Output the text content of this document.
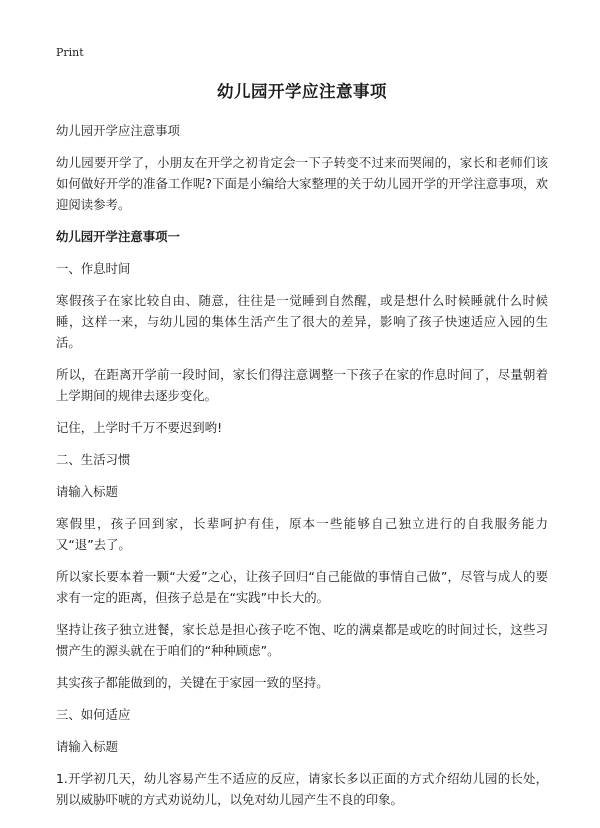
Print
幼儿园开学应注意事项
幼儿园开学应注意事项
幼儿园要开学了，小朋友在开学之初肯定会一下子转变不过来而哭闹的，家长和老师们该如何做好开学的准备工作呢?下面是小编给大家整理的关于幼儿园开学的开学注意事项，欢迎阅读参考。
幼儿园开学注意事项一
一、作息时间
寒假孩子在家比较自由、随意，往往是一觉睡到自然醒，或是想什么时候睡就什么时候睡，这样一来，与幼儿园的集体生活产生了很大的差异，影响了孩子快速适应入园的生活。
所以，在距离开学前一段时间，家长们得注意调整一下孩子在家的作息时间了，尽量朝着上学期间的规律去逐步变化。
记住，上学时千万不要迟到哟!
二、生活习惯
请输入标题
寒假里，孩子回到家，长辈呵护有佳，原本一些能够自己独立进行的自我服务能力又“退”去了。
所以家长要本着一颗“大爱”之心，让孩子回归“自己能做的事情自己做”，尽管与成人的要求有一定的距离，但孩子总是在“实践”中长大的。
坚持让孩子独立进餐，家长总是担心孩子吃不饱、吃的满桌都是或吃的时间过长，这些习惯产生的源头就在于咱们的“种种顾虑”。
其实孩子都能做到的，关键在于家园一致的坚持。
三、如何适应
请输入标题
1.开学初几天，幼儿容易产生不适应的反应，请家长多以正面的方式介绍幼儿园的长处，别以威胁吓唬的方式劝说幼儿，以免对幼儿园产生不良的印象。
